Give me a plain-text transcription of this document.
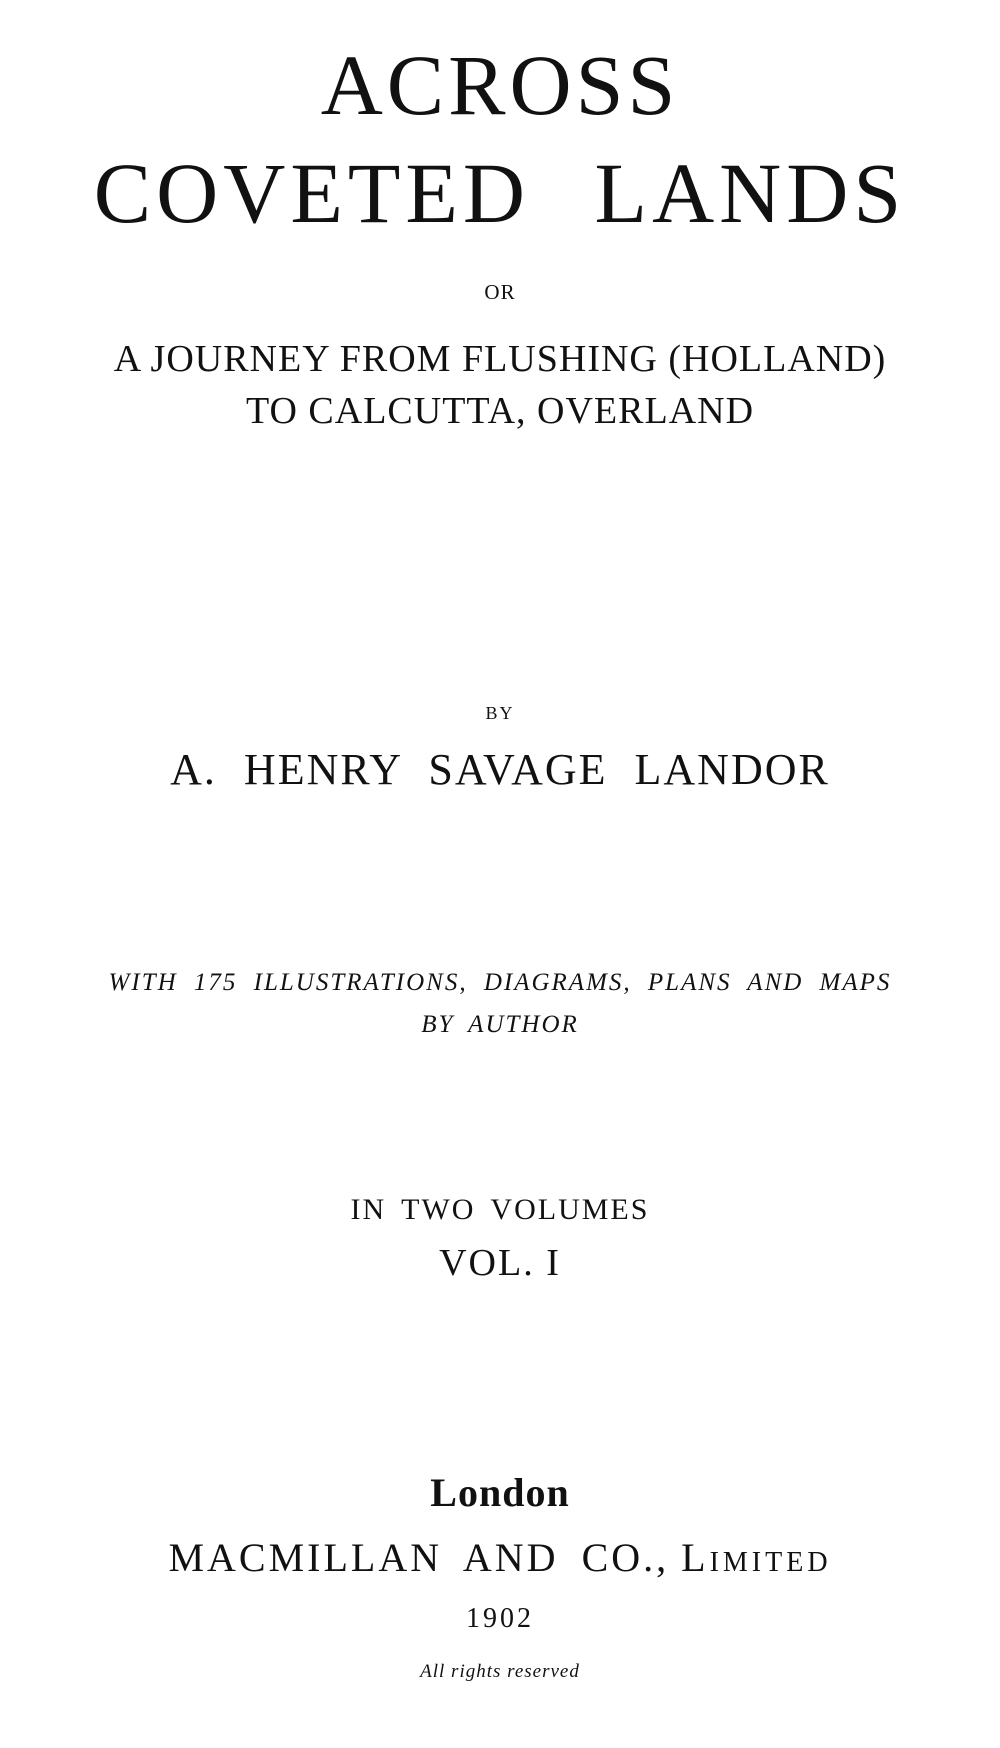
ACROSS
COVETED LANDS
OR
A JOURNEY FROM FLUSHING (HOLLAND)
TO CALCUTTA, OVERLAND
BY
A. HENRY SAVAGE LANDOR
WITH 175 ILLUSTRATIONS, DIAGRAMS, PLANS AND MAPS
BY AUTHOR
IN TWO VOLUMES
VOL. I
London
MACMILLAN AND CO., Limited
1902
All rights reserved
